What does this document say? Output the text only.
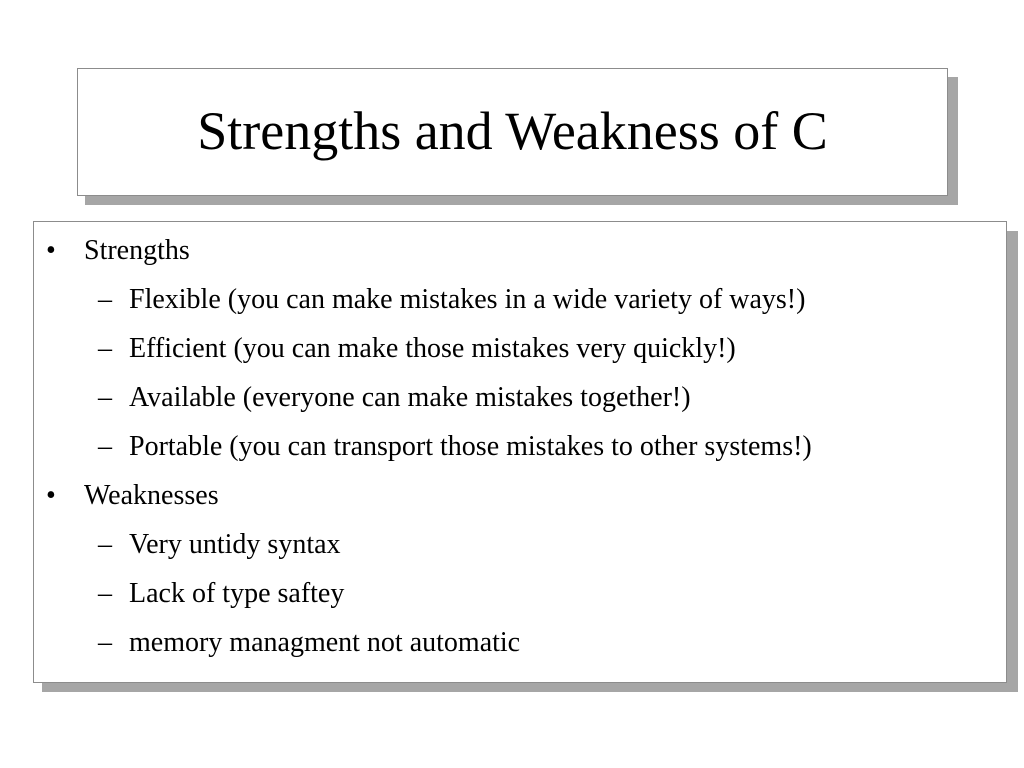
Strengths and Weakness of C
• Strengths
– Flexible (you can make mistakes in a wide variety of ways!)
– Efficient (you can make those mistakes very quickly!)
– Available (everyone can make mistakes together!)
– Portable (you can transport those mistakes to other systems!)
• Weaknesses
– Very untidy syntax
– Lack of type saftey
– memory managment not automatic
